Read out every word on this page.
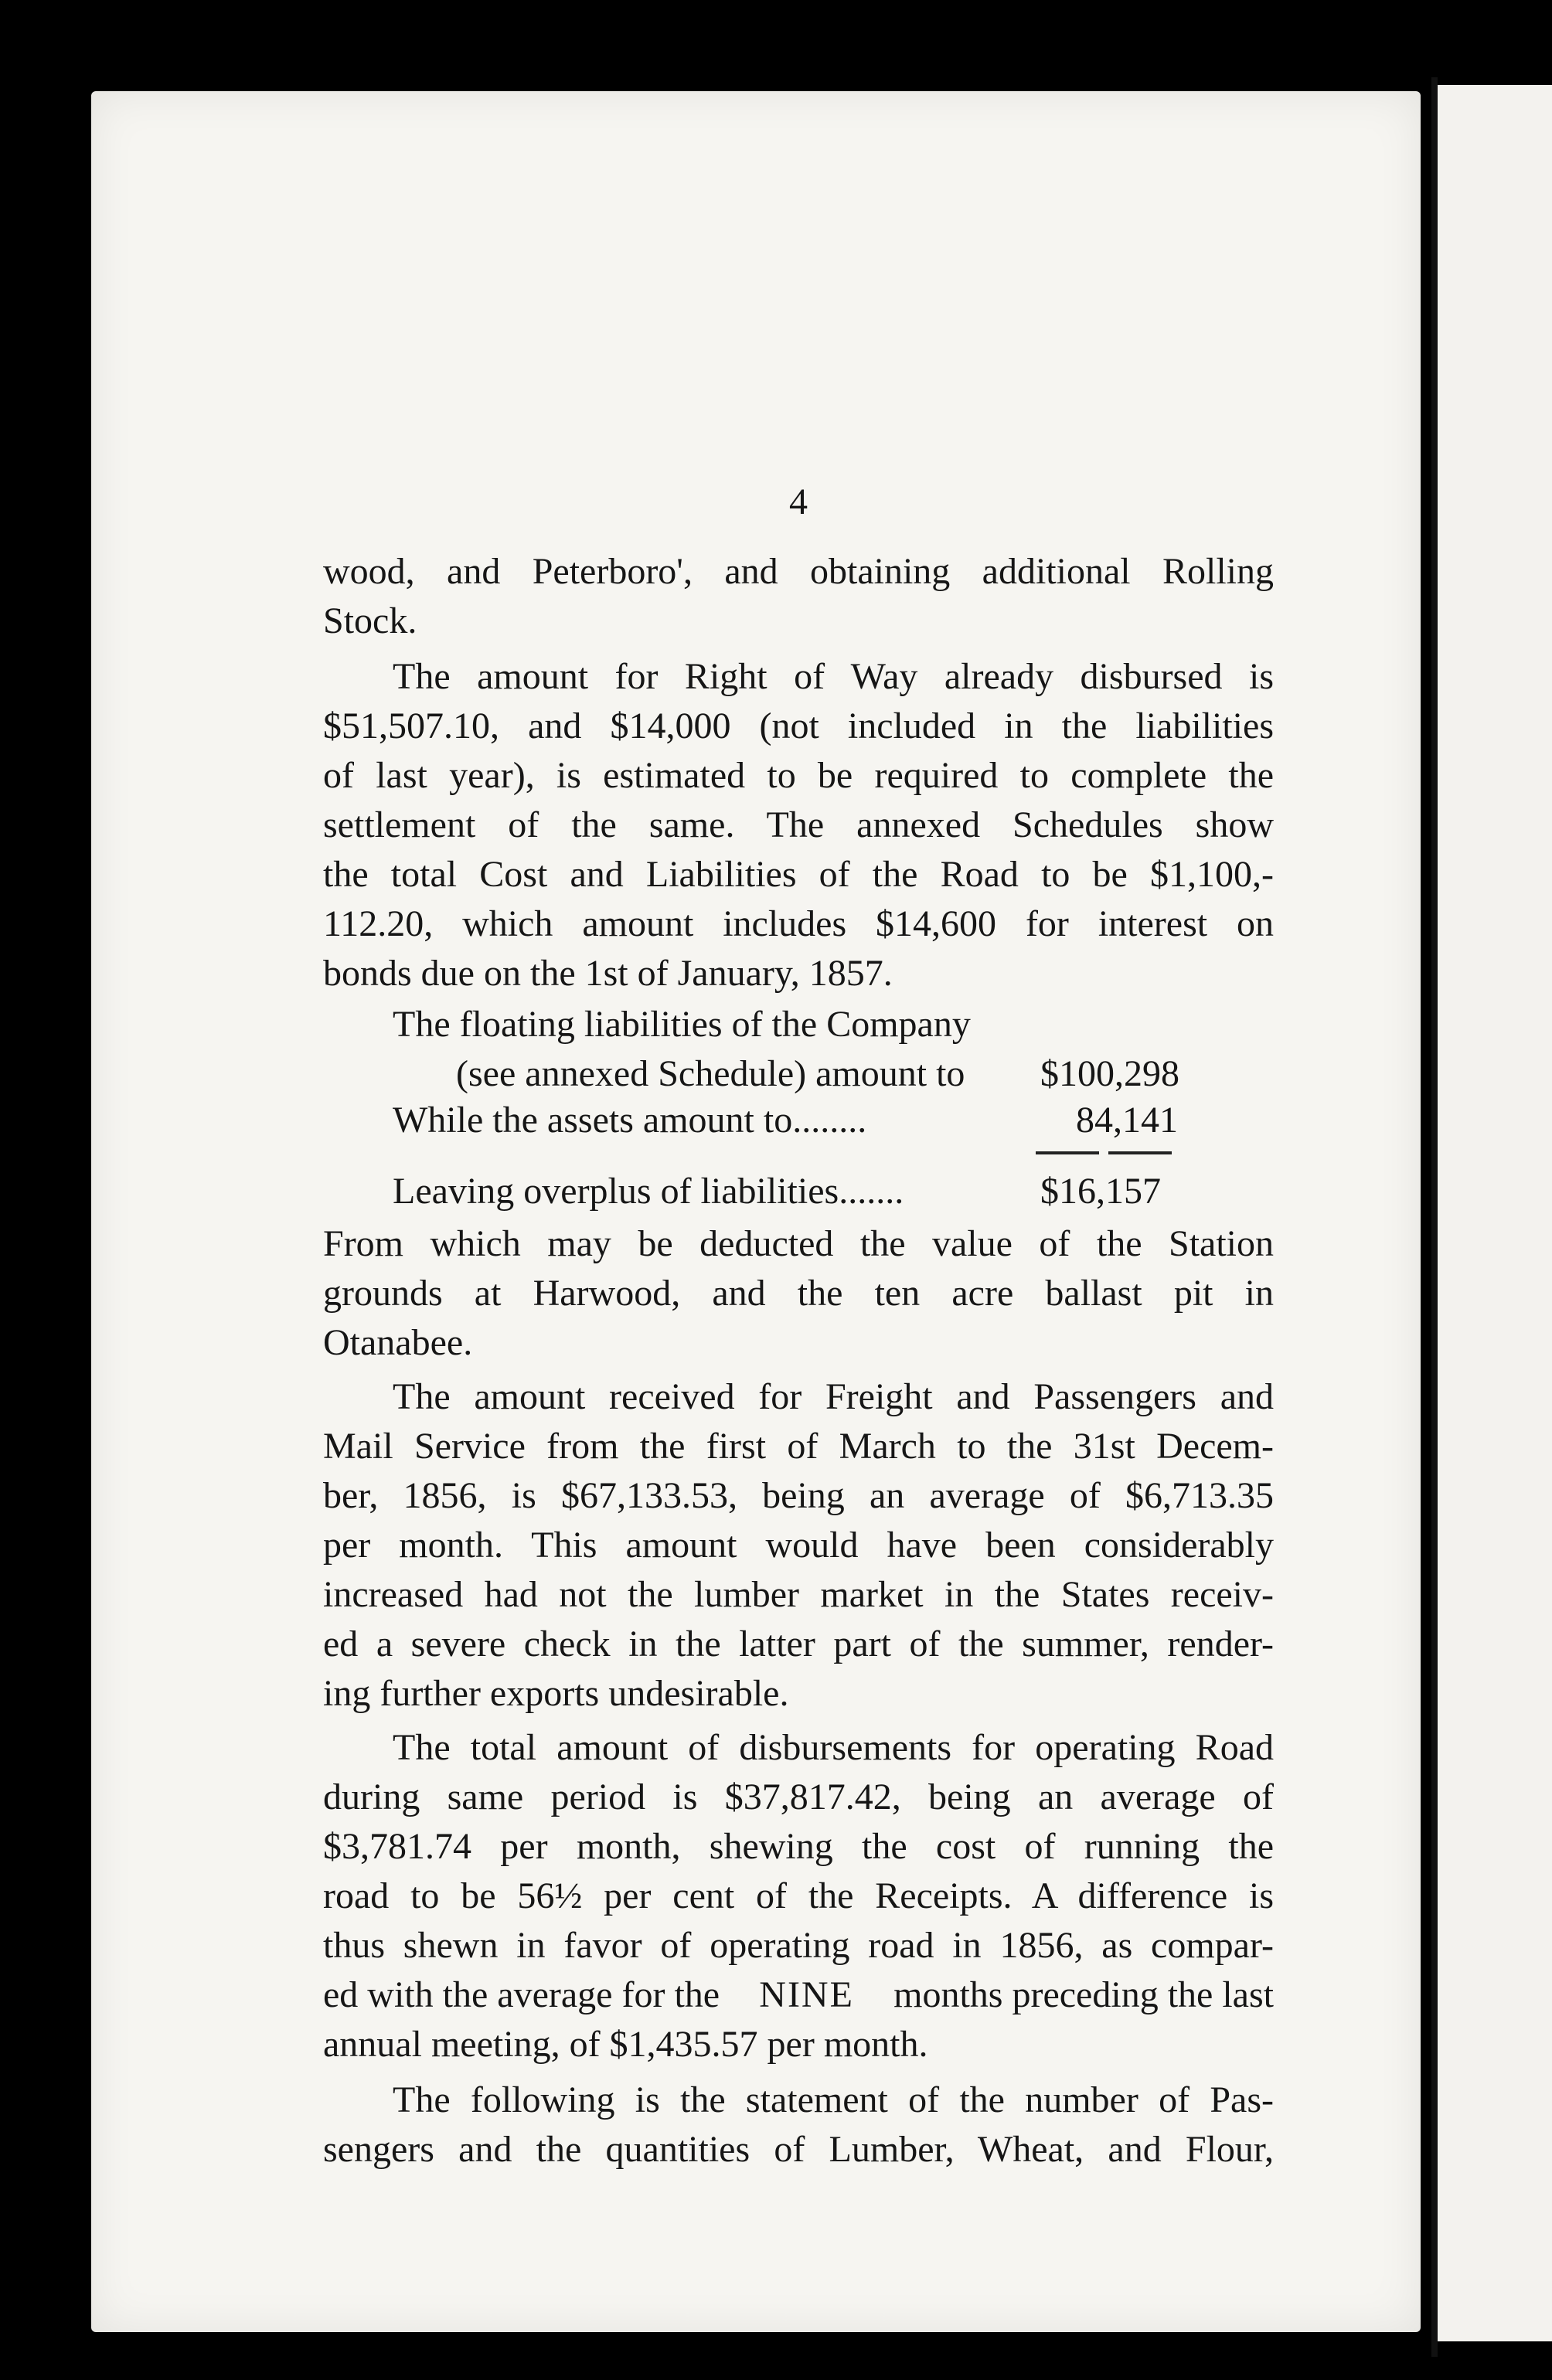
4
wood, and Peterboro', and obtaining additional Rolling
Stock.
The amount for Right of Way already disbursed is
$51,507.10, and $14,000 (not included in the liabilities
of last year), is estimated to be required to complete the
settlement of the same. The annexed Schedules show
the total Cost and Liabilities of the Road to be $1,100,-
112.20, which amount includes $14,600 for interest on
bonds due on the 1st of January, 1857.
The floating liabilities of the Company
(see annexed Schedule) amount to $100,298
While the assets amount to........	84,141
Leaving overplus of liabilities.......	$16,157
From which may be deducted the value of the Station
grounds at Harwood, and the ten acre ballast pit in
Otanabee.
The amount received for Freight and Passengers and
Mail Service from the first of March to the 31st Decem-
ber, 1856, is $67,133.53, being an average of $6,713.35
per month. This amount would have been considerably
increased had not the lumber market in the States receiv-
ed a severe check in the latter part of the summer, render-
ing further exports undesirable.
The total amount of disbursements for operating Road
during same period is $37,817.42, being an average of
$3,781.74 per month, shewing the cost of running the
road to be 56½ per cent of the Receipts. A difference is
thus shewn in favor of operating road in 1856, as compar-
ed with the average for the NINE months preceding the last
annual meeting, of $1,435.57 per month.
The following is the statement of the number of Pas-
sengers and the quantities of Lumber, Wheat, and Flour,
